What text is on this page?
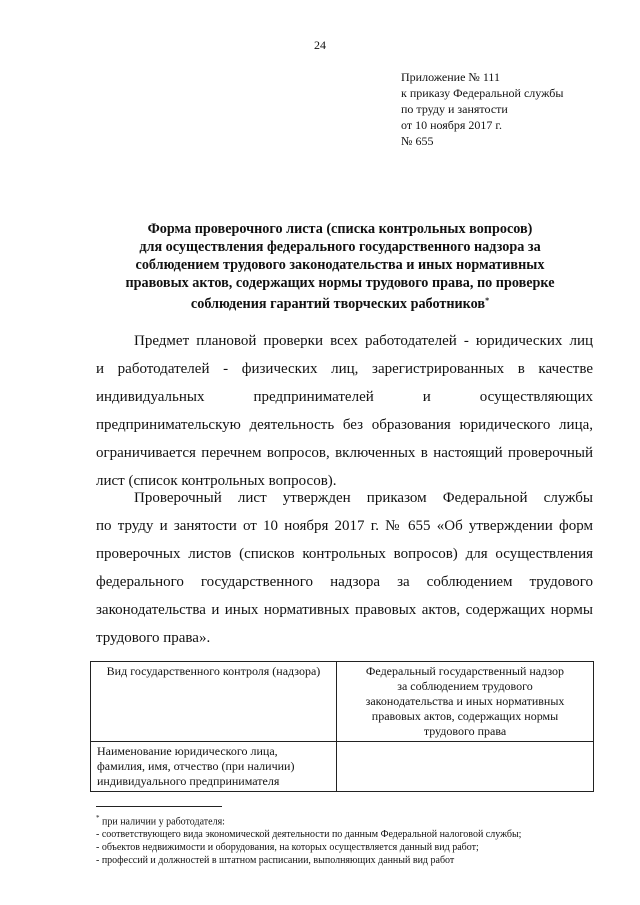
24
Приложение № 111
к приказу Федеральной службы
по труду и занятости
от 10 ноября 2017 г.
№ 655
Форма проверочного листа (списка контрольных вопросов)
для осуществления федерального государственного надзора за
соблюдением трудового законодательства и иных нормативных
правовых актов, содержащих нормы трудового права, по проверке
соблюдения гарантий творческих работников*
Предмет плановой проверки всех работодателей - юридических лиц
и работодателей - физических лиц, зарегистрированных в качестве
индивидуальных предпринимателей и осуществляющих
предпринимательскую деятельность без образования юридического лица,
ограничивается перечнем вопросов, включенных в настоящий проверочный
лист (список контрольных вопросов).
Проверочный лист утвержден приказом Федеральной службы
по труду и занятости от 10 ноября 2017 г. № 655 «Об утверждении форм
проверочных листов (списков контрольных вопросов) для осуществления
федерального государственного надзора за соблюдением трудового
законодательства и иных нормативных правовых актов, содержащих нормы
трудового права».
Вид государственного контроля (надзора)	Федеральный государственный надзор
за соблюдением трудового
законодательства и иных нормативных
правовых актов, содержащих нормы
трудового права

Наименование юридического лица,
фамилия, имя, отчество (при наличии)
индивидуального предпринимателя	

* при наличии у работодателя:
- соответствующего вида экономической деятельности по данным Федеральной налоговой службы;
- объектов недвижимости и оборудования, на которых осуществляется данный вид работ;
- профессий и должностей в штатном расписании, выполняющих данный вид работ
